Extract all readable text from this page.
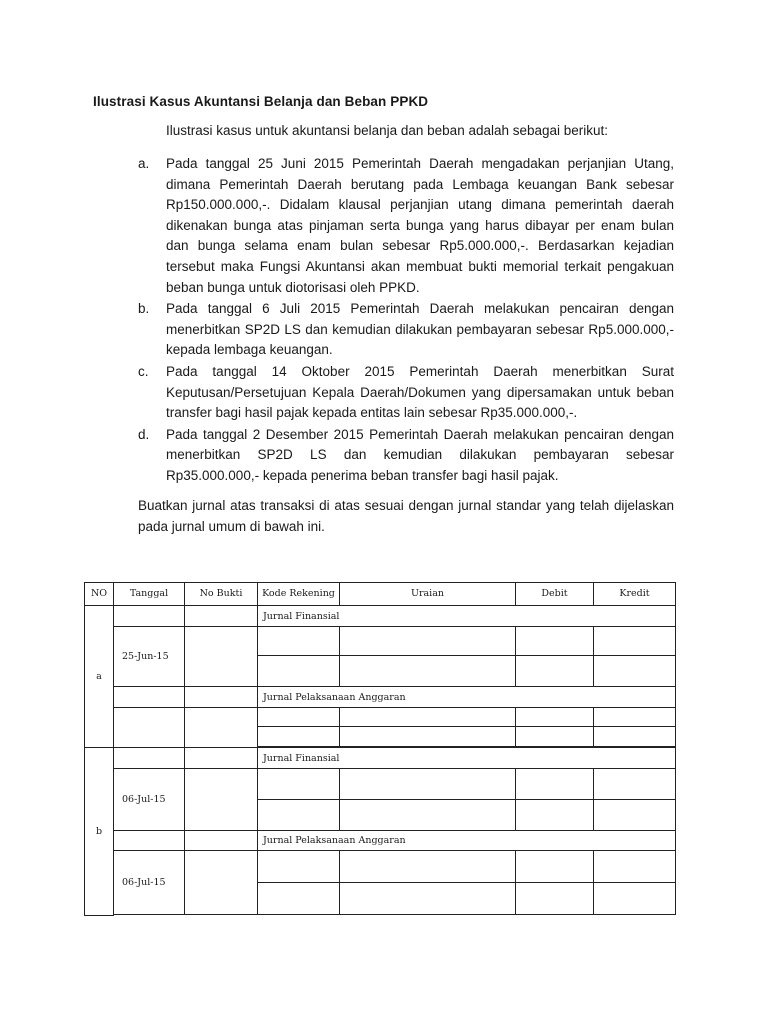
Ilustrasi Kasus Akuntansi Belanja dan Beban PPKD
Ilustrasi kasus untuk akuntansi belanja dan beban adalah sebagai berikut:
a. Pada tanggal 25 Juni 2015 Pemerintah Daerah mengadakan perjanjian Utang, dimana Pemerintah Daerah berutang pada Lembaga keuangan Bank sebesar Rp150.000.000,-. Didalam klausal perjanjian utang dimana pemerintah daerah dikenakan bunga atas pinjaman serta bunga yang harus dibayar per enam bulan dan bunga selama enam bulan sebesar Rp5.000.000,-. Berdasarkan kejadian tersebut maka Fungsi Akuntansi akan membuat bukti memorial terkait pengakuan beban bunga untuk diotorisasi oleh PPKD.
b. Pada tanggal 6 Juli 2015 Pemerintah Daerah melakukan pencairan dengan menerbitkan SP2D LS dan kemudian dilakukan pembayaran sebesar Rp5.000.000,- kepada lembaga keuangan.
c. Pada tanggal 14 Oktober 2015 Pemerintah Daerah menerbitkan Surat Keputusan/Persetujuan Kepala Daerah/Dokumen yang dipersamakan untuk beban transfer bagi hasil pajak kepada entitas lain sebesar Rp35.000.000,-.
d. Pada tanggal 2 Desember 2015 Pemerintah Daerah melakukan pencairan dengan menerbitkan SP2D LS dan kemudian dilakukan pembayaran sebesar Rp35.000.000,- kepada penerima beban transfer bagi hasil pajak.
Buatkan jurnal atas transaksi di atas sesuai dengan jurnal standar yang telah dijelaskan pada jurnal umum di bawah ini.
NO	Tanggal	No Bukti	Kode Rekening	Uraian	Debit	Kredit
a			Jurnal Finansial			
	25-Jun-15					

			Jurnal Pelaksanaan Anggaran			

b			Jurnal Finansial			
	06-Jul-15					

			Jurnal Pelaksanaan Anggaran			
	06-Jul-15					
